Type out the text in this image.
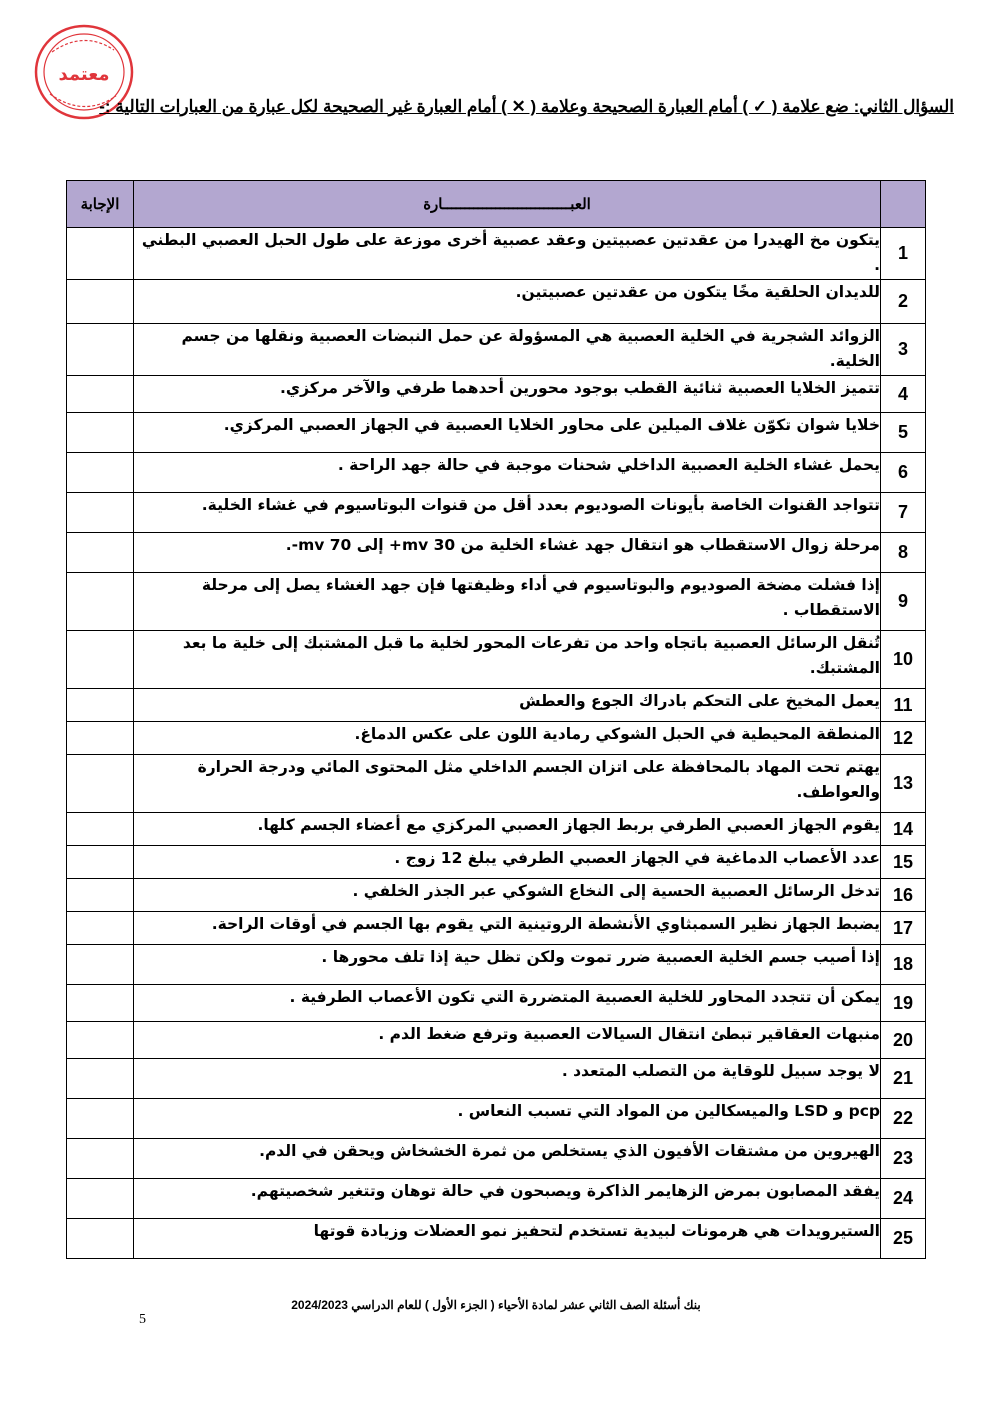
معتمد
السؤال الثاني: ضع علامة ( ✓ ) أمام العبارة الصحيحة وعلامة ( ✕ ) أمام العبارة غير الصحيحة لكل عبارة من العبارات التالية :-
	العبـــــــــــــــــــــــــــــارة	الإجابة
1	يتكون مخ الهيدرا من عقدتين عصبيتين وعقد عصبية أخرى موزعة على طول الحبل العصبي البطني .	
2	للديدان الحلقية مخًا يتكون من عقدتين عصبيتين.	
3	الزوائد الشجرية في الخلية العصبية هي المسؤولة عن حمل النبضات العصبية ونقلها من جسم الخلية.	
4	تتميز الخلايا العصبية ثنائية القطب بوجود محورين أحدهما طرفي والآخر مركزي.	
5	خلايا شوان تكوّن غلاف الميلين على محاور الخلايا العصبية في الجهاز العصبي المركزي.	
6	يحمل غشاء الخلية العصبية الداخلي شحنات موجبة في حالة جهد الراحة .	
7	تتواجد القنوات الخاصة بأيونات الصوديوم بعدد أقل من قنوات البوتاسيوم في غشاء الخلية.	
8	مرحلة زوال الاستقطاب هو انتقال جهد غشاء الخلية من 30 mv+ إلى 70 mv-.	
9	إذا فشلت مضخة الصوديوم والبوتاسيوم في أداء وظيفتها فإن جهد الغشاء يصل إلى مرحلة الاستقطاب .	
10	تُنقل الرسائل العصبية باتجاه واحد من تفرعات المحور لخلية ما قبل المشتبك إلى خلية ما بعد المشتبك.	
11	يعمل المخيخ على التحكم بادراك الجوع والعطش	
12	المنطقة المحيطية في الحبل الشوكي رمادية اللون على عكس الدماغ.	
13	يهتم تحت المهاد بالمحافظة على اتزان الجسم الداخلي مثل المحتوى المائي ودرجة الحرارة والعواطف.	
14	يقوم الجهاز العصبي الطرفي بربط الجهاز العصبي المركزي مع أعضاء الجسم كلها.	
15	عدد الأعصاب الدماغية في الجهاز العصبي الطرفي يبلغ 12 زوج .	
16	تدخل الرسائل العصبية الحسية إلى النخاع الشوكي عبر الجذر الخلفي .	
17	يضبط الجهاز نظير السمبثاوي الأنشطة الروتينية التي يقوم بها الجسم في أوقات الراحة.	
18	إذا أصيب جسم الخلية العصبية ضرر تموت ولكن تظل حية إذا تلف محورها .	
19	يمكن أن تتجدد المحاور للخلية العصبية المتضررة التي تكون الأعصاب الطرفية .	
20	منبهات العقاقير تبطئ انتقال السيالات العصبية وترفع ضغط الدم .	
21	لا يوجد سبيل للوقاية من التصلب المتعدد .	
22	pcp و LSD والميسكالين من المواد التي تسبب النعاس .	
23	الهيروين من مشتقات الأفيون الذي يستخلص من ثمرة الخشخاش ويحقن في الدم.	
24	يفقد المصابون بمرض الزهايمر الذاكرة ويصبحون في حالة توهان وتتغير شخصيتهم.	
25	الستيرويدات هي هرمونات لبيدية تستخدم لتحفيز نمو العضلات وزيادة قوتها	
بنك أسئلة الصف الثاني عشر لمادة الأحياء ( الجزء الأول ) للعام الدراسي 2024/2023
5
